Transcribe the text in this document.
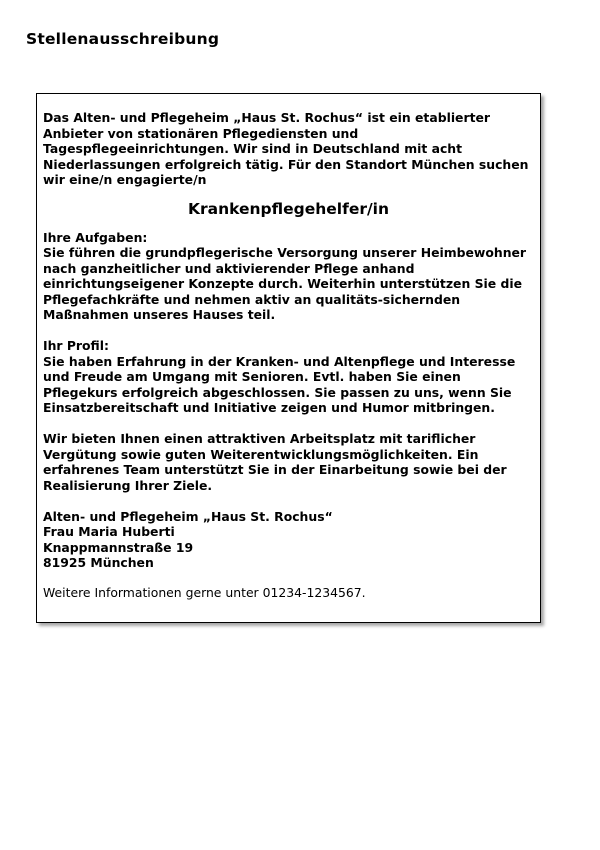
Stellenausschreibung

Das Alten- und Pflegeheim „Haus St. Rochus“ ist ein etablierter
Anbieter von stationären Pflegediensten und
Tagespflegeeinrichtungen. Wir sind in Deutschland mit acht
Niederlassungen erfolgreich tätig. Für den Standort München suchen
wir eine/n engagierte/n

Krankenpflegehelfer/in

Ihre Aufgaben:
Sie führen die grundpflegerische Versorgung unserer Heimbewohner
nach ganzheitlicher und aktivierender Pflege anhand
einrichtungseigener Konzepte durch. Weiterhin unterstützen Sie die
Pflegefachkräfte und nehmen aktiv an qualitäts-sichernden
Maßnahmen unseres Hauses teil.

Ihr Profil:
Sie haben Erfahrung in der Kranken- und Altenpflege und Interesse
und Freude am Umgang mit Senioren. Evtl. haben Sie einen
Pflegekurs erfolgreich abgeschlossen. Sie passen zu uns, wenn Sie
Einsatzbereitschaft und Initiative zeigen und Humor mitbringen.

Wir bieten Ihnen einen attraktiven Arbeitsplatz mit tariflicher
Vergütung sowie guten Weiterentwicklungsmöglichkeiten. Ein
erfahrenes Team unterstützt Sie in der Einarbeitung sowie bei der
Realisierung Ihrer Ziele.

Alten- und Pflegeheim „Haus St. Rochus“
Frau Maria Huberti
Knappmannstraße 19
81925 München

Weitere Informationen gerne unter 01234-1234567.
